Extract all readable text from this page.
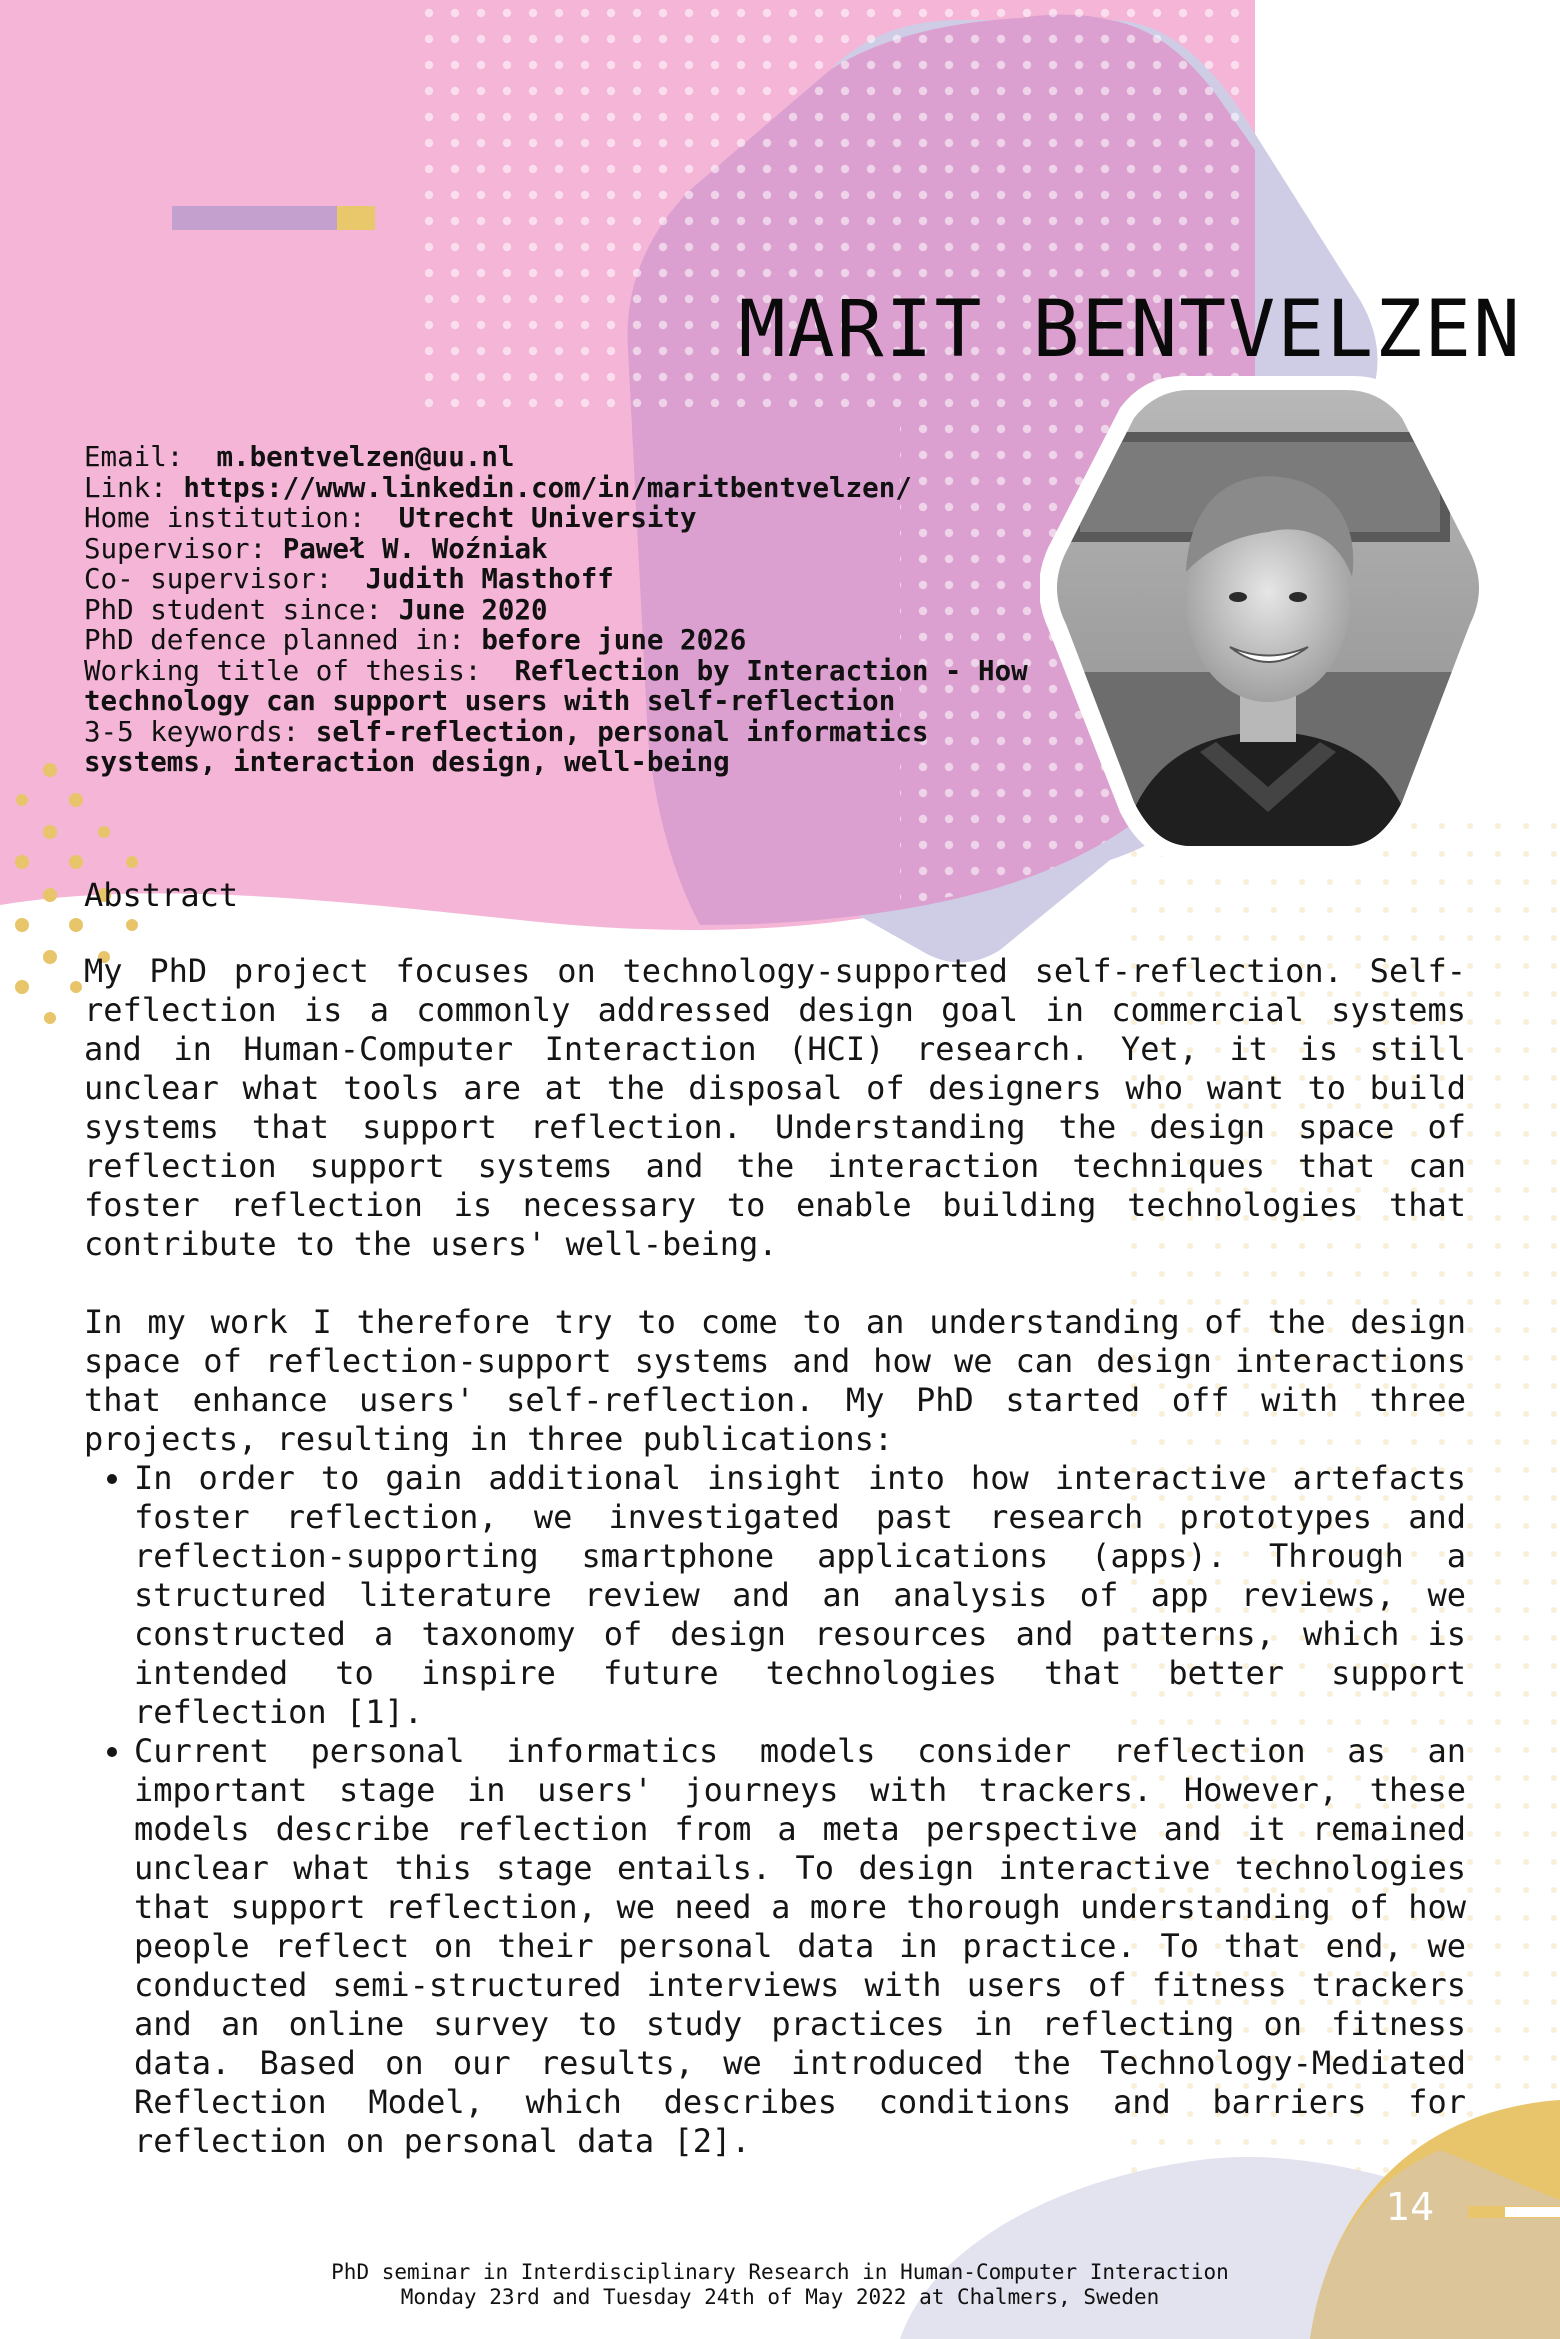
MARIT BENTVELZEN
Email:  m.bentvelzen@uu.nl
Link: https://www.linkedin.com/in/maritbentvelzen/
Home institution:  Utrecht University
Supervisor: Paweł W. Woźniak
Co- supervisor:  Judith Masthoff
PhD student since: June 2020
PhD defence planned in: before june 2026
Working title of thesis:  Reflection by Interaction - How technology can support users with self-reflection
3-5 keywords: self-reflection, personal informatics systems, interaction design, well-being
Abstract

My PhD project focuses on technology-supported self-reflection. Self-reflection is a commonly addressed design goal in commercial systems and in Human-Computer Interaction (HCI) research. Yet, it is still unclear what tools are at the disposal of designers who want to build systems that support reflection. Understanding the design space of reflection support systems and the interaction techniques that can foster reflection is necessary to enable building technologies that contribute to the users' well-being.

In my work I therefore try to come to an understanding of the design space of reflection-support systems and how we can design interactions that enhance users' self-reflection. My PhD started off with three projects, resulting in three publications:

• In order to gain additional insight into how interactive artefacts foster reflection, we investigated past research prototypes and reflection-supporting smartphone applications (apps). Through a structured literature review and an analysis of app reviews, we constructed a taxonomy of design resources and patterns, which is intended to inspire future technologies that better support reflection [1].
• Current personal informatics models consider reflection as an important stage in users' journeys with trackers. However, these models describe reflection from a meta perspective and it remained unclear what this stage entails. To design interactive technologies that support reflection, we need a more thorough understanding of how people reflect on their personal data in practice. To that end, we conducted semi-structured interviews with users of fitness trackers and an online survey to study practices in reflecting on fitness data. Based on our results, we introduced the Technology-Mediated Reflection Model, which describes conditions and barriers for reflection on personal data [2].
14
PhD seminar in Interdisciplinary Research in Human-Computer Interaction
Monday 23rd and Tuesday 24th of May 2022 at Chalmers, Sweden
